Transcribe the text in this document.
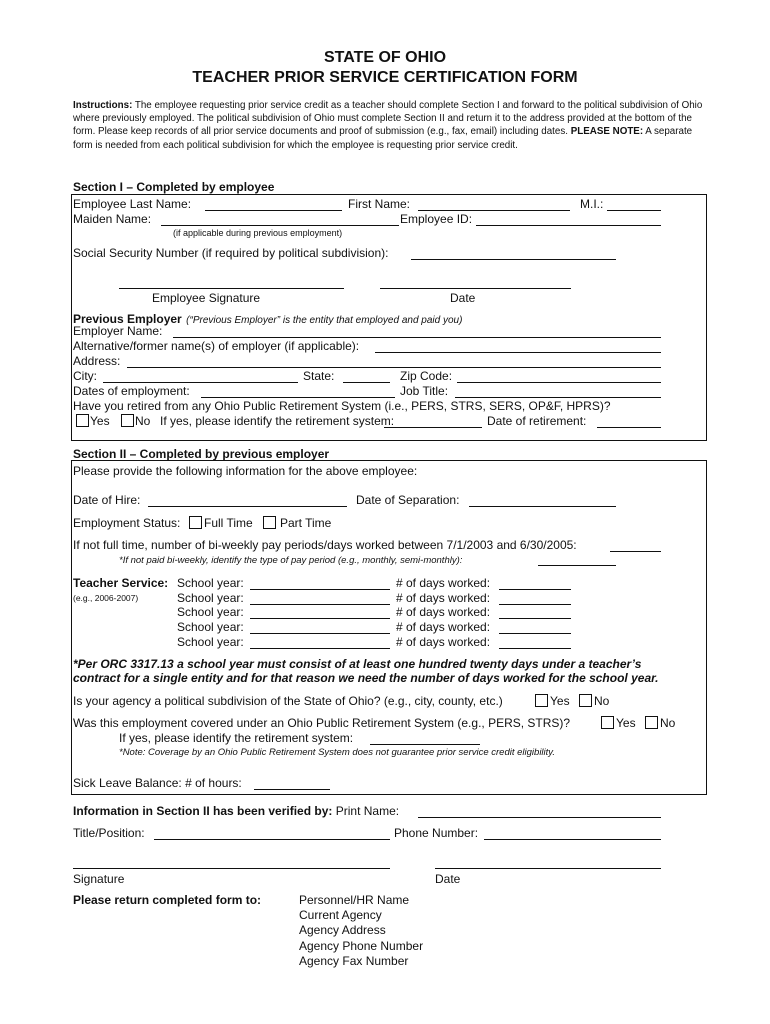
STATE OF OHIO
TEACHER PRIOR SERVICE CERTIFICATION FORM
Instructions: The employee requesting prior service credit as a teacher should complete Section I and forward to the political subdivision of Ohio where previously employed. The political subdivision of Ohio must complete Section II and return it to the address provided at the bottom of the form. Please keep records of all prior service documents and proof of submission (e.g., fax, email) including dates. PLEASE NOTE: A separate form is needed from each political subdivision for which the employee is requesting prior service credit.
Section I – Completed by employee
Employee Last Name:	First Name:	M.I.:
Maiden Name:	Employee ID:
(if applicable during previous employment)
Social Security Number (if required by political subdivision):
Employee Signature	Date
Previous Employer (“Previous Employer” is the entity that employed and paid you)
Employer Name:
Alternative/former name(s) of employer (if applicable):
Address:
City:	State:	Zip Code:
Dates of employment:	Job Title:
Have you retired from any Ohio Public Retirement System (i.e., PERS, STRS, SERS, OP&F, HPRS)?
Yes No If yes, please identify the retirement system:	Date of retirement:
Section II – Completed by previous employer
Please provide the following information for the above employee:
Date of Hire:	Date of Separation:
Employment Status: Full Time Part Time
If not full time, number of bi-weekly pay periods/days worked between 7/1/2003 and 6/30/2005:
*If not paid bi-weekly, identify the type of pay period (e.g., monthly, semi-monthly):
Teacher Service:
(e.g., 2006-2007)
School year:	# of days worked:
School year:	# of days worked:
School year:	# of days worked:
School year:	# of days worked:
School year:	# of days worked:
*Per ORC 3317.13 a school year must consist of at least one hundred twenty days under a teacher’s
contract for a single entity and for that reason we need the number of days worked for the school year.
Is your agency a political subdivision of the State of Ohio? (e.g., city, county, etc.)	Yes No
Was this employment covered under an Ohio Public Retirement System (e.g., PERS, STRS)?	Yes No
If yes, please identify the retirement system:
*Note: Coverage by an Ohio Public Retirement System does not guarantee prior service credit eligibility.
Sick Leave Balance: # of hours:
Information in Section II has been verified by: Print Name:
Title/Position:	Phone Number:
Signature	Date
Please return completed form to:	Personnel/HR Name
Current Agency
Agency Address
Agency Phone Number
Agency Fax Number
